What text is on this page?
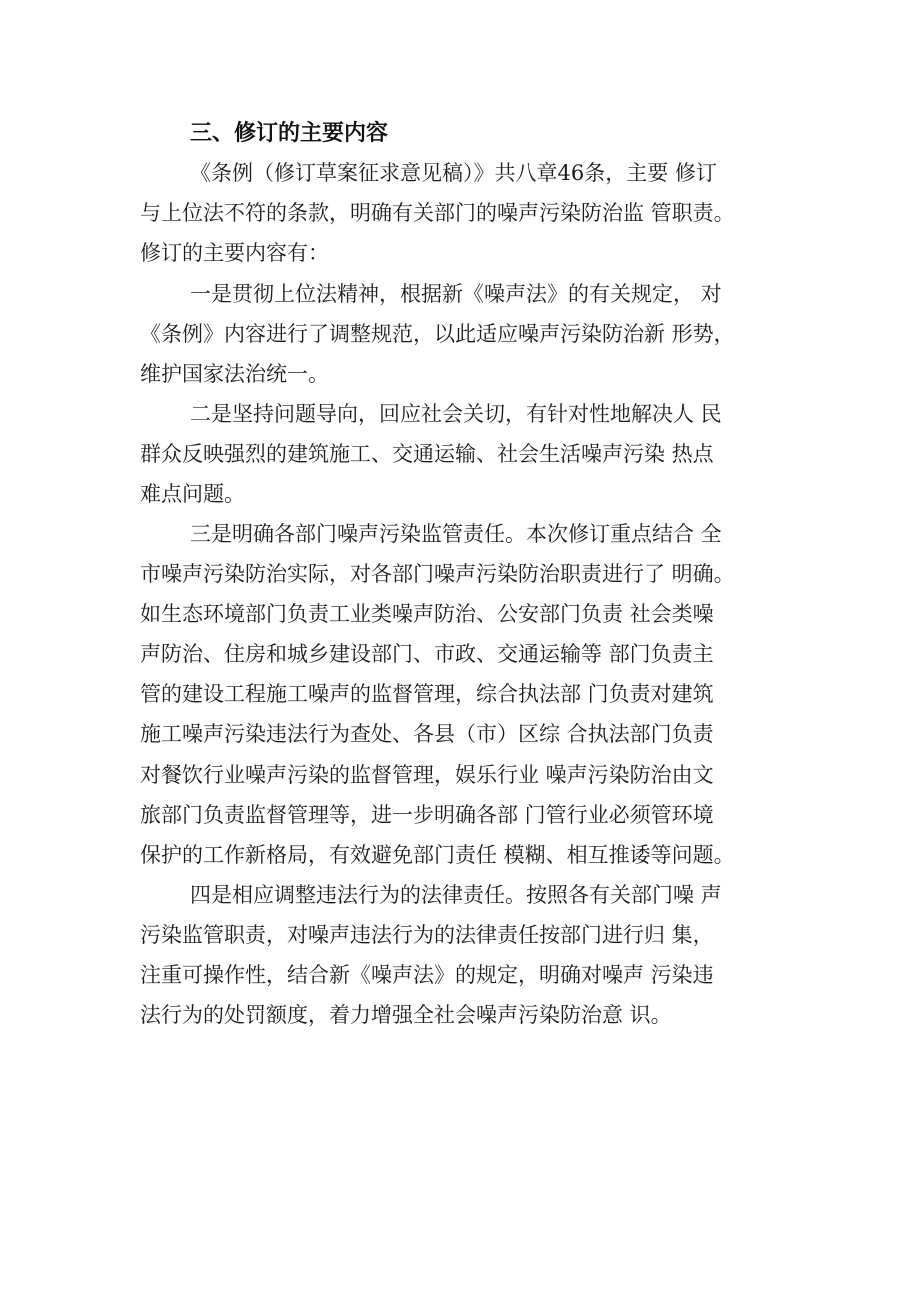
三、修订的主要内容

《条例（修订草案征求意见稿）》共八章46条，主要 修订

与上位法不符的条款，明确有关部门的噪声污染防治监 管职责。

修订的主要内容有：

一是贯彻上位法精神，根据新《噪声法》的有关规定， 对

《条例》内容进行了调整规范，以此适应噪声污染防治新 形势，

维护国家法治统一。

二是坚持问题导向，回应社会关切，有针对性地解决人 民

群众反映强烈的建筑施工、交通运输、社会生活噪声污染 热点

难点问题。

三是明确各部门噪声污染监管责任。本次修订重点结合 全

市噪声污染防治实际，对各部门噪声污染防治职责进行了 明确。

如生态环境部门负责工业类噪声防治、公安部门负责 社会类噪

声防治、住房和城乡建设部门、市政、交通运输等 部门负责主

管的建设工程施工噪声的监督管理，综合执法部 门负责对建筑

施工噪声污染违法行为查处、各县（市）区综 合执法部门负责

对餐饮行业噪声污染的监督管理，娱乐行业 噪声污染防治由文

旅部门负责监督管理等，进一步明确各部 门管行业必须管环境

保护的工作新格局，有效避免部门责任 模糊、相互推诿等问题。

四是相应调整违法行为的法律责任。按照各有关部门噪 声

污染监管职责，对噪声违法行为的法律责任按部门进行归 集，

注重可操作性，结合新《噪声法》的规定，明确对噪声 污染违

法行为的处罚额度，着力增强全社会噪声污染防治意 识。
